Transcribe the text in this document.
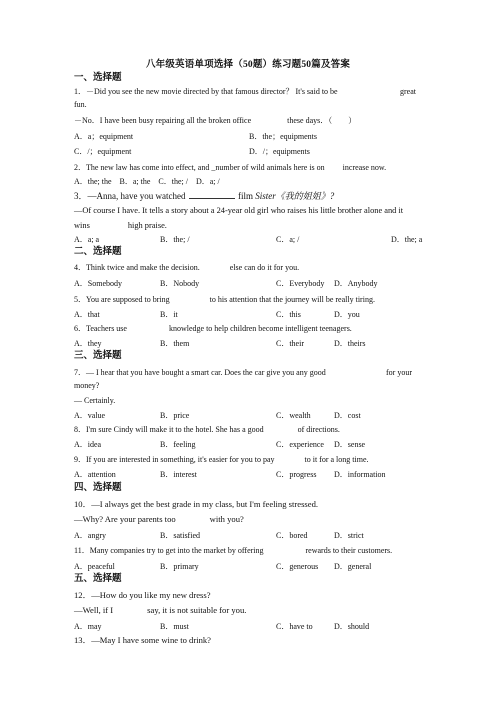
八年级英语单项选择（50题）练习题50篇及答案
一、选择题
1．－Did you see the new movie directed by that famous director？ It's said to be	great
fun.
－No．I have been busy repairing all the broken office	these days．（　　）
A．a；equipment	B．the；equipments
C．/；equipment	D．/；equipments
2．The new law has come into effect, and _number of wild animals here is on increase now.
A．the; the　B．a; the　C．the; /　D．a; /
3．—Anna, have you watched	film Sister《我的姐姐》?
—Of course I have. It tells a story about a 24-year old girl who raises his little brother alone and it
wins	high praise.
A．a; a	B．the; /	C．a; /	D．the; a
二、选择题
4．Think twice and make the decision.	else can do it for you.
A．Somebody	B．Nobody	C．Everybody D．Anybody
5．You are supposed to bring	to his attention that the journey will be really tiring.
A．that	B．it	C．this	D．you
6．Teachers use	knowledge to help children become intelligent teenagers.
A．they	B．them	C．their	D．theirs
三、选择题
7．— I hear that you have bought a smart car. Does the car give you any good	for your
money?
— Certainly.
A．value	B．price	C．wealth	D．cost
8．I'm sure Cindy will make it to the hotel. She has a good	of directions.
A．idea	B．feeling	C．experience D．sense
9．If you are interested in something, it's easier for you to pay	to it for a long time.
A．attention	B．interest	C．progress D．information
四、选择题
10．—I always get the best grade in my class, but I'm feeling stressed.
—Why? Are your parents too	with you?
A．angry	B．satisfied	C．bored	D．strict
11．Many companies try to get into the market by offering	rewards to their customers.
A．peaceful	B．primary	C．generous D．general
五、选择题
12．—How do you like my new dress?
—Well, if I	say, it is not suitable for you.
A．may	B．must	C．have to	D．should
13．—May I have some wine to drink?
